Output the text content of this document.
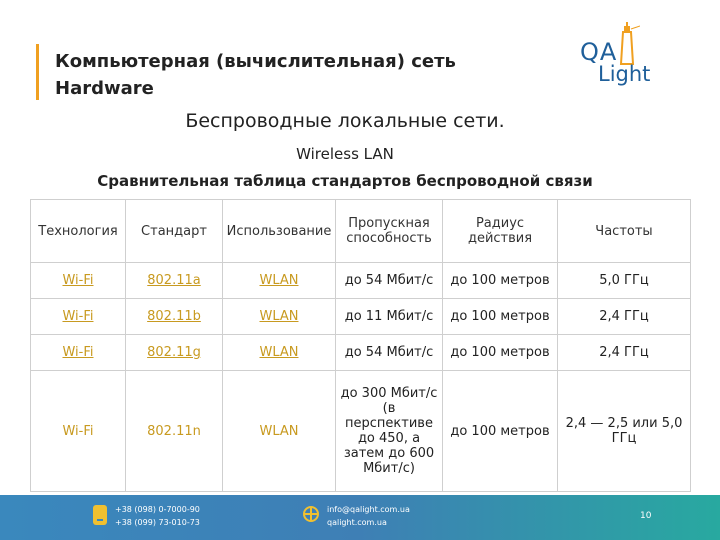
Компьютерная (вычислительная) сеть
Hardware
QA
Light
Беспроводные локальные сети.
Wireless LAN
Сравнительная таблица стандартов беспроводной связи
Технология	Стандарт	Использование	Пропускная способность	Радиус действия	Частоты
Wi-Fi	802.11a	WLAN	до 54 Мбит/с	до 100 метров	5,0 ГГц
Wi-Fi	802.11b	WLAN	до 11 Мбит/с	до 100 метров	2,4 ГГц
Wi-Fi	802.11g	WLAN	до 54 Мбит/с	до 100 метров	2,4 ГГц
Wi-Fi	802.11n	WLAN	до 300 Мбит/с (в перспективе до 450, а затем до 600 Мбит/с)	до 100 метров	2,4 — 2,5 или 5,0 ГГц
+38 (098) 0-7000-90
+38 (099) 73-010-73
info@qalight.com.ua
qalight.com.ua
10
